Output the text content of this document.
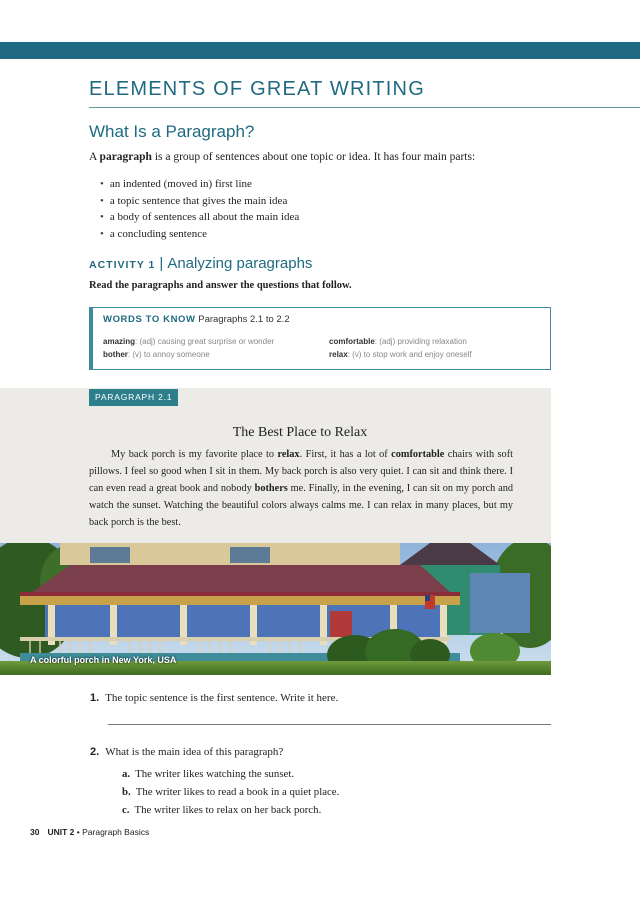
ELEMENTS OF GREAT WRITING
What Is a Paragraph?

A paragraph is a group of sentences about one topic or idea. It has four main parts:

• an indented (moved in) first line
• a topic sentence that gives the main idea
• a body of sentences all about the main idea
• a concluding sentence
ACTIVITY 1 | Analyzing paragraphs

Read the paragraphs and answer the questions that follow.

WORDS TO KNOW Paragraphs 2.1 to 2.2
amazing: (adj) causing great surprise or wonder
bother: (v) to annoy someone
comfortable: (adj) providing relaxation
relax: (v) to stop work and enjoy oneself
PARAGRAPH 2.1
The Best Place to Relax

My back porch is my favorite place to relax. First, it has a lot of comfortable chairs with soft pillows. I feel so good when I sit in them. My back porch is also very quiet. I can sit and think there. I can even read a great book and nobody bothers me. Finally, in the evening, I can sit on my porch and watch the sunset. Watching the beautiful colors always calms me. I can relax in many places, but my back porch is the best.

A colorful porch in New York, USA

1. The topic sentence is the first sentence. Write it here.

2. What is the main idea of this paragraph?

a. The writer likes watching the sunset.

b. The writer likes to read a book in a quiet place.

c. The writer likes to relax on her back porch.

30 UNIT 2 • Paragraph Basics
